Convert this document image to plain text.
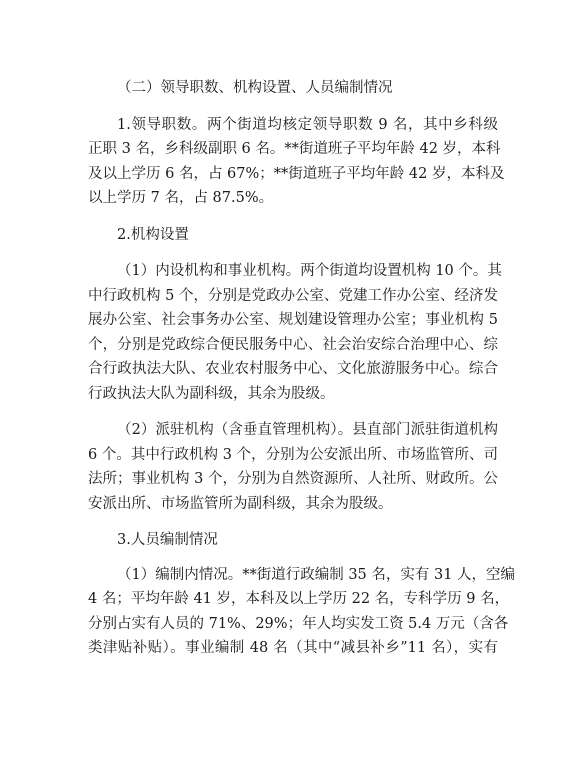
（二）领导职数、机构设置、人员编制情况
1.领导职数。两个街道均核定领导职数 9 名，其中乡科级
正职 3 名，乡科级副职 6 名。**街道班子平均年龄 42 岁，本科
及以上学历 6 名，占 67%；**街道班子平均年龄 42 岁，本科及
以上学历 7 名，占 87.5%。
2.机构设置
（1）内设机构和事业机构。两个街道均设置机构 10 个。其
中行政机构 5 个，分别是党政办公室、党建工作办公室、经济发
展办公室、社会事务办公室、规划建设管理办公室；事业机构 5
个，分别是党政综合便民服务中心、社会治安综合治理中心、综
合行政执法大队、农业农村服务中心、文化旅游服务中心。综合
行政执法大队为副科级，其余为股级。
（2）派驻机构（含垂直管理机构）。县直部门派驻街道机构
6 个。其中行政机构 3 个，分别为公安派出所、市场监管所、司
法所；事业机构 3 个，分别为自然资源所、人社所、财政所。公
安派出所、市场监管所为副科级，其余为股级。
3.人员编制情况
（1）编制内情况。**街道行政编制 35 名，实有 31 人，空编
4 名；平均年龄 41 岁，本科及以上学历 22 名，专科学历 9 名，
分别占实有人员的 71%、29%；年人均实发工资 5.4 万元（含各
类津贴补贴）。事业编制 48 名（其中“减县补乡”11 名），实有
